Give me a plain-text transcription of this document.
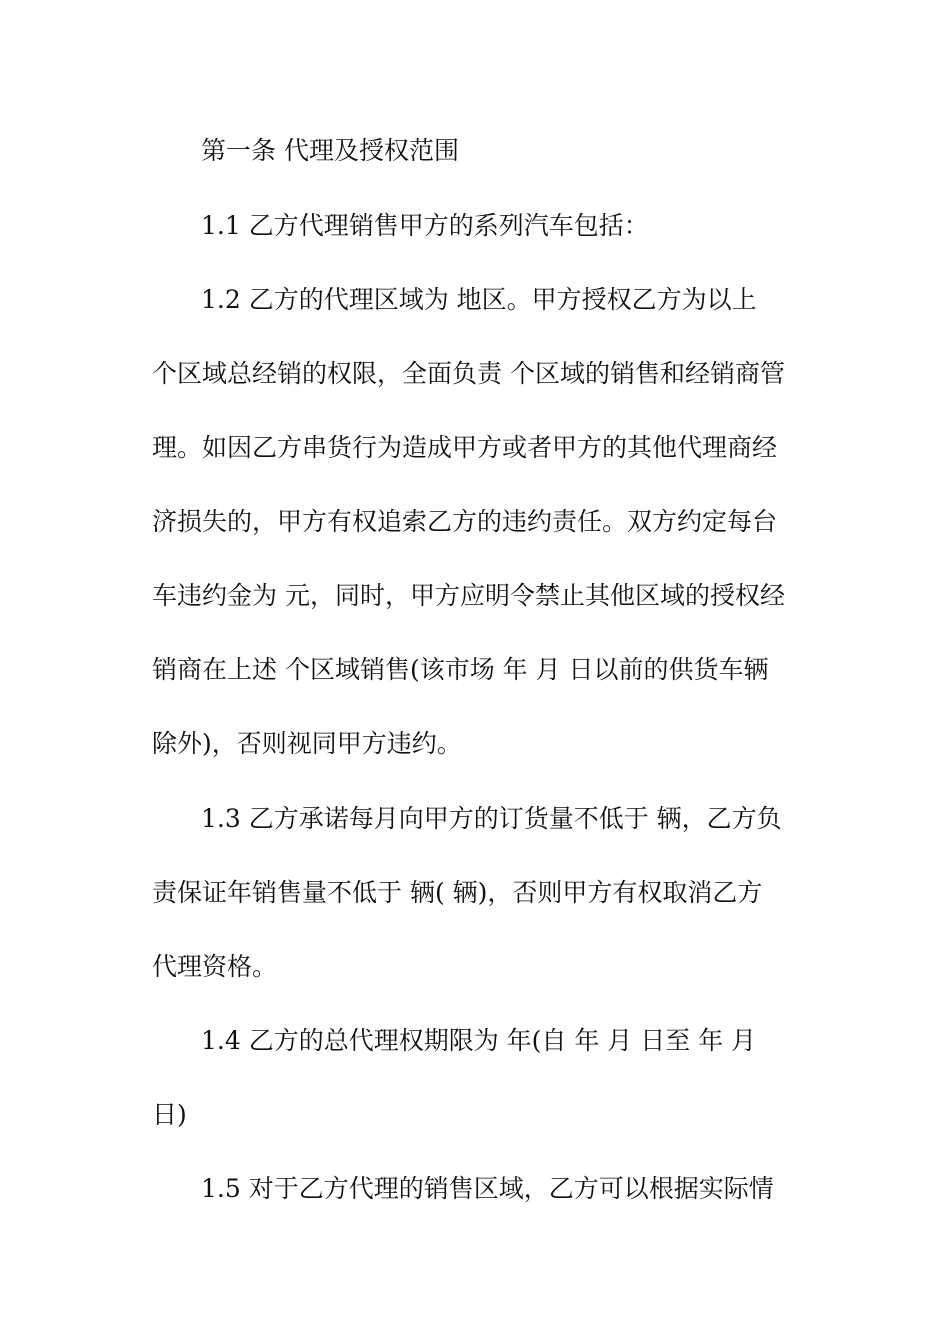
第一条 代理及授权范围

1.1 乙方代理销售甲方的系列汽车包括：

1.2 乙方的代理区域为 地区。甲方授权乙方为以上

个区域总经销的权限，全面负责 个区域的销售和经销商管

理。如因乙方串货行为造成甲方或者甲方的其他代理商经

济损失的，甲方有权追索乙方的违约责任。双方约定每台

车违约金为 元，同时，甲方应明令禁止其他区域的授权经

销商在上述 个区域销售(该市场 年 月 日以前的供货车辆

除外)，否则视同甲方违约。

1.3 乙方承诺每月向甲方的订货量不低于 辆，乙方负

责保证年销售量不低于 辆( 辆)，否则甲方有权取消乙方

代理资格。

1.4 乙方的总代理权期限为 年(自 年 月 日至 年 月

日)

1.5 对于乙方代理的销售区域，乙方可以根据实际情
